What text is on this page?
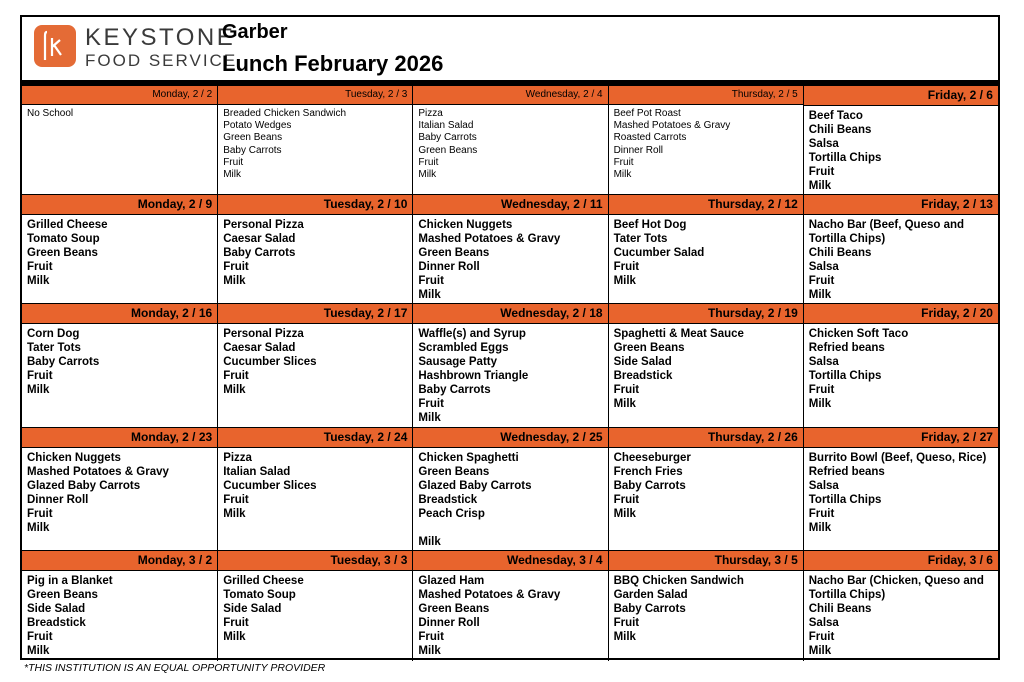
KEYSTONE
FOOD SERVICE
Garber
Lunch February 2026
Monday, 2 / 2
No School
Tuesday, 2 / 3
Breaded Chicken Sandwich
Potato Wedges
Green Beans
Baby Carrots
Fruit
Milk
Wednesday, 2 / 4
Pizza
Italian Salad
Baby Carrots
Green Beans
Fruit
Milk
Thursday, 2 / 5
Beef Pot Roast
Mashed Potatoes & Gravy
Roasted Carrots
Dinner Roll
Fruit
Milk
Friday, 2 / 6
Beef Taco
Chili Beans
Salsa
Tortilla Chips
Fruit
Milk
Monday, 2 / 9
Grilled Cheese
Tomato Soup
Green Beans
Fruit
Milk
Tuesday, 2 / 10
Personal Pizza
Caesar Salad
Baby Carrots
Fruit
Milk
Wednesday, 2 / 11
Chicken Nuggets
Mashed Potatoes & Gravy
Green Beans
Dinner Roll
Fruit
Milk
Thursday, 2 / 12
Beef Hot Dog
Tater Tots
Cucumber Salad
Fruit
Milk
Friday, 2 / 13
Nacho Bar (Beef, Queso and
Tortilla Chips)
Chili Beans
Salsa
Fruit
Milk
Monday, 2 / 16
Corn Dog
Tater Tots
Baby Carrots
Fruit
Milk
Tuesday, 2 / 17
Personal Pizza
Caesar Salad
Cucumber Slices
Fruit
Milk
Wednesday, 2 / 18
Waffle(s) and Syrup
Scrambled Eggs
Sausage Patty
Hashbrown Triangle
Baby Carrots
Fruit
Milk
Thursday, 2 / 19
Spaghetti & Meat Sauce
Green Beans
Side Salad
Breadstick
Fruit
Milk
Friday, 2 / 20
Chicken Soft Taco
Refried beans
Salsa
Tortilla Chips
Fruit
Milk
Monday, 2 / 23
Chicken Nuggets
Mashed Potatoes & Gravy
Glazed Baby Carrots
Dinner Roll
Fruit
Milk
Tuesday, 2 / 24
Pizza
Italian Salad
Cucumber Slices
Fruit
Milk
Wednesday, 2 / 25
Chicken Spaghetti
Green Beans
Glazed Baby Carrots
Breadstick
Peach Crisp
Milk
Thursday, 2 / 26
Cheeseburger
French Fries
Baby Carrots
Fruit
Milk
Friday, 2 / 27
Burrito Bowl (Beef, Queso, Rice)
Refried beans
Salsa
Tortilla Chips
Fruit
Milk
Monday, 3 / 2
Pig in a Blanket
Green Beans
Side Salad
Breadstick
Fruit
Milk
Tuesday, 3 / 3
Grilled Cheese
Tomato Soup
Side Salad
Fruit
Milk
Wednesday, 3 / 4
Glazed Ham
Mashed Potatoes & Gravy
Green Beans
Dinner Roll
Fruit
Milk
Thursday, 3 / 5
BBQ Chicken Sandwich
Garden Salad
Baby Carrots
Fruit
Milk
Friday, 3 / 6
Nacho Bar (Chicken, Queso and
Tortilla Chips)
Chili Beans
Salsa
Fruit
Milk
*THIS INSTITUTION IS AN EQUAL OPPORTUNITY PROVIDER
